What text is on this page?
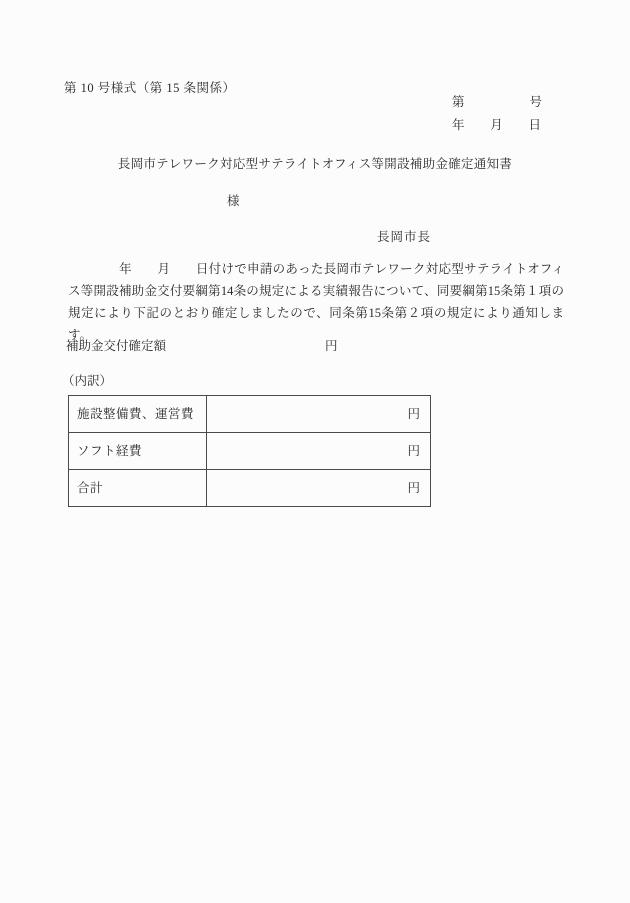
第 10 号様式（第 15 条関係）
第	号
年 月 日
長岡市テレワーク対応型サテライトオフィス等開設補助金確定通知書
様
長岡市長
　　　　年　　月　　日付けで申請のあった長岡市テレワーク対応型サテライトオフィス等開設補助金交付要綱第14条の規定による実績報告について、同要綱第15条第１項の規定により下記のとおり確定しましたので、同条第15条第２項の規定により通知します。
補助金交付確定額	円
（内訳）
施設整備費、運営費	円
ソフト経費	円
合計	円
